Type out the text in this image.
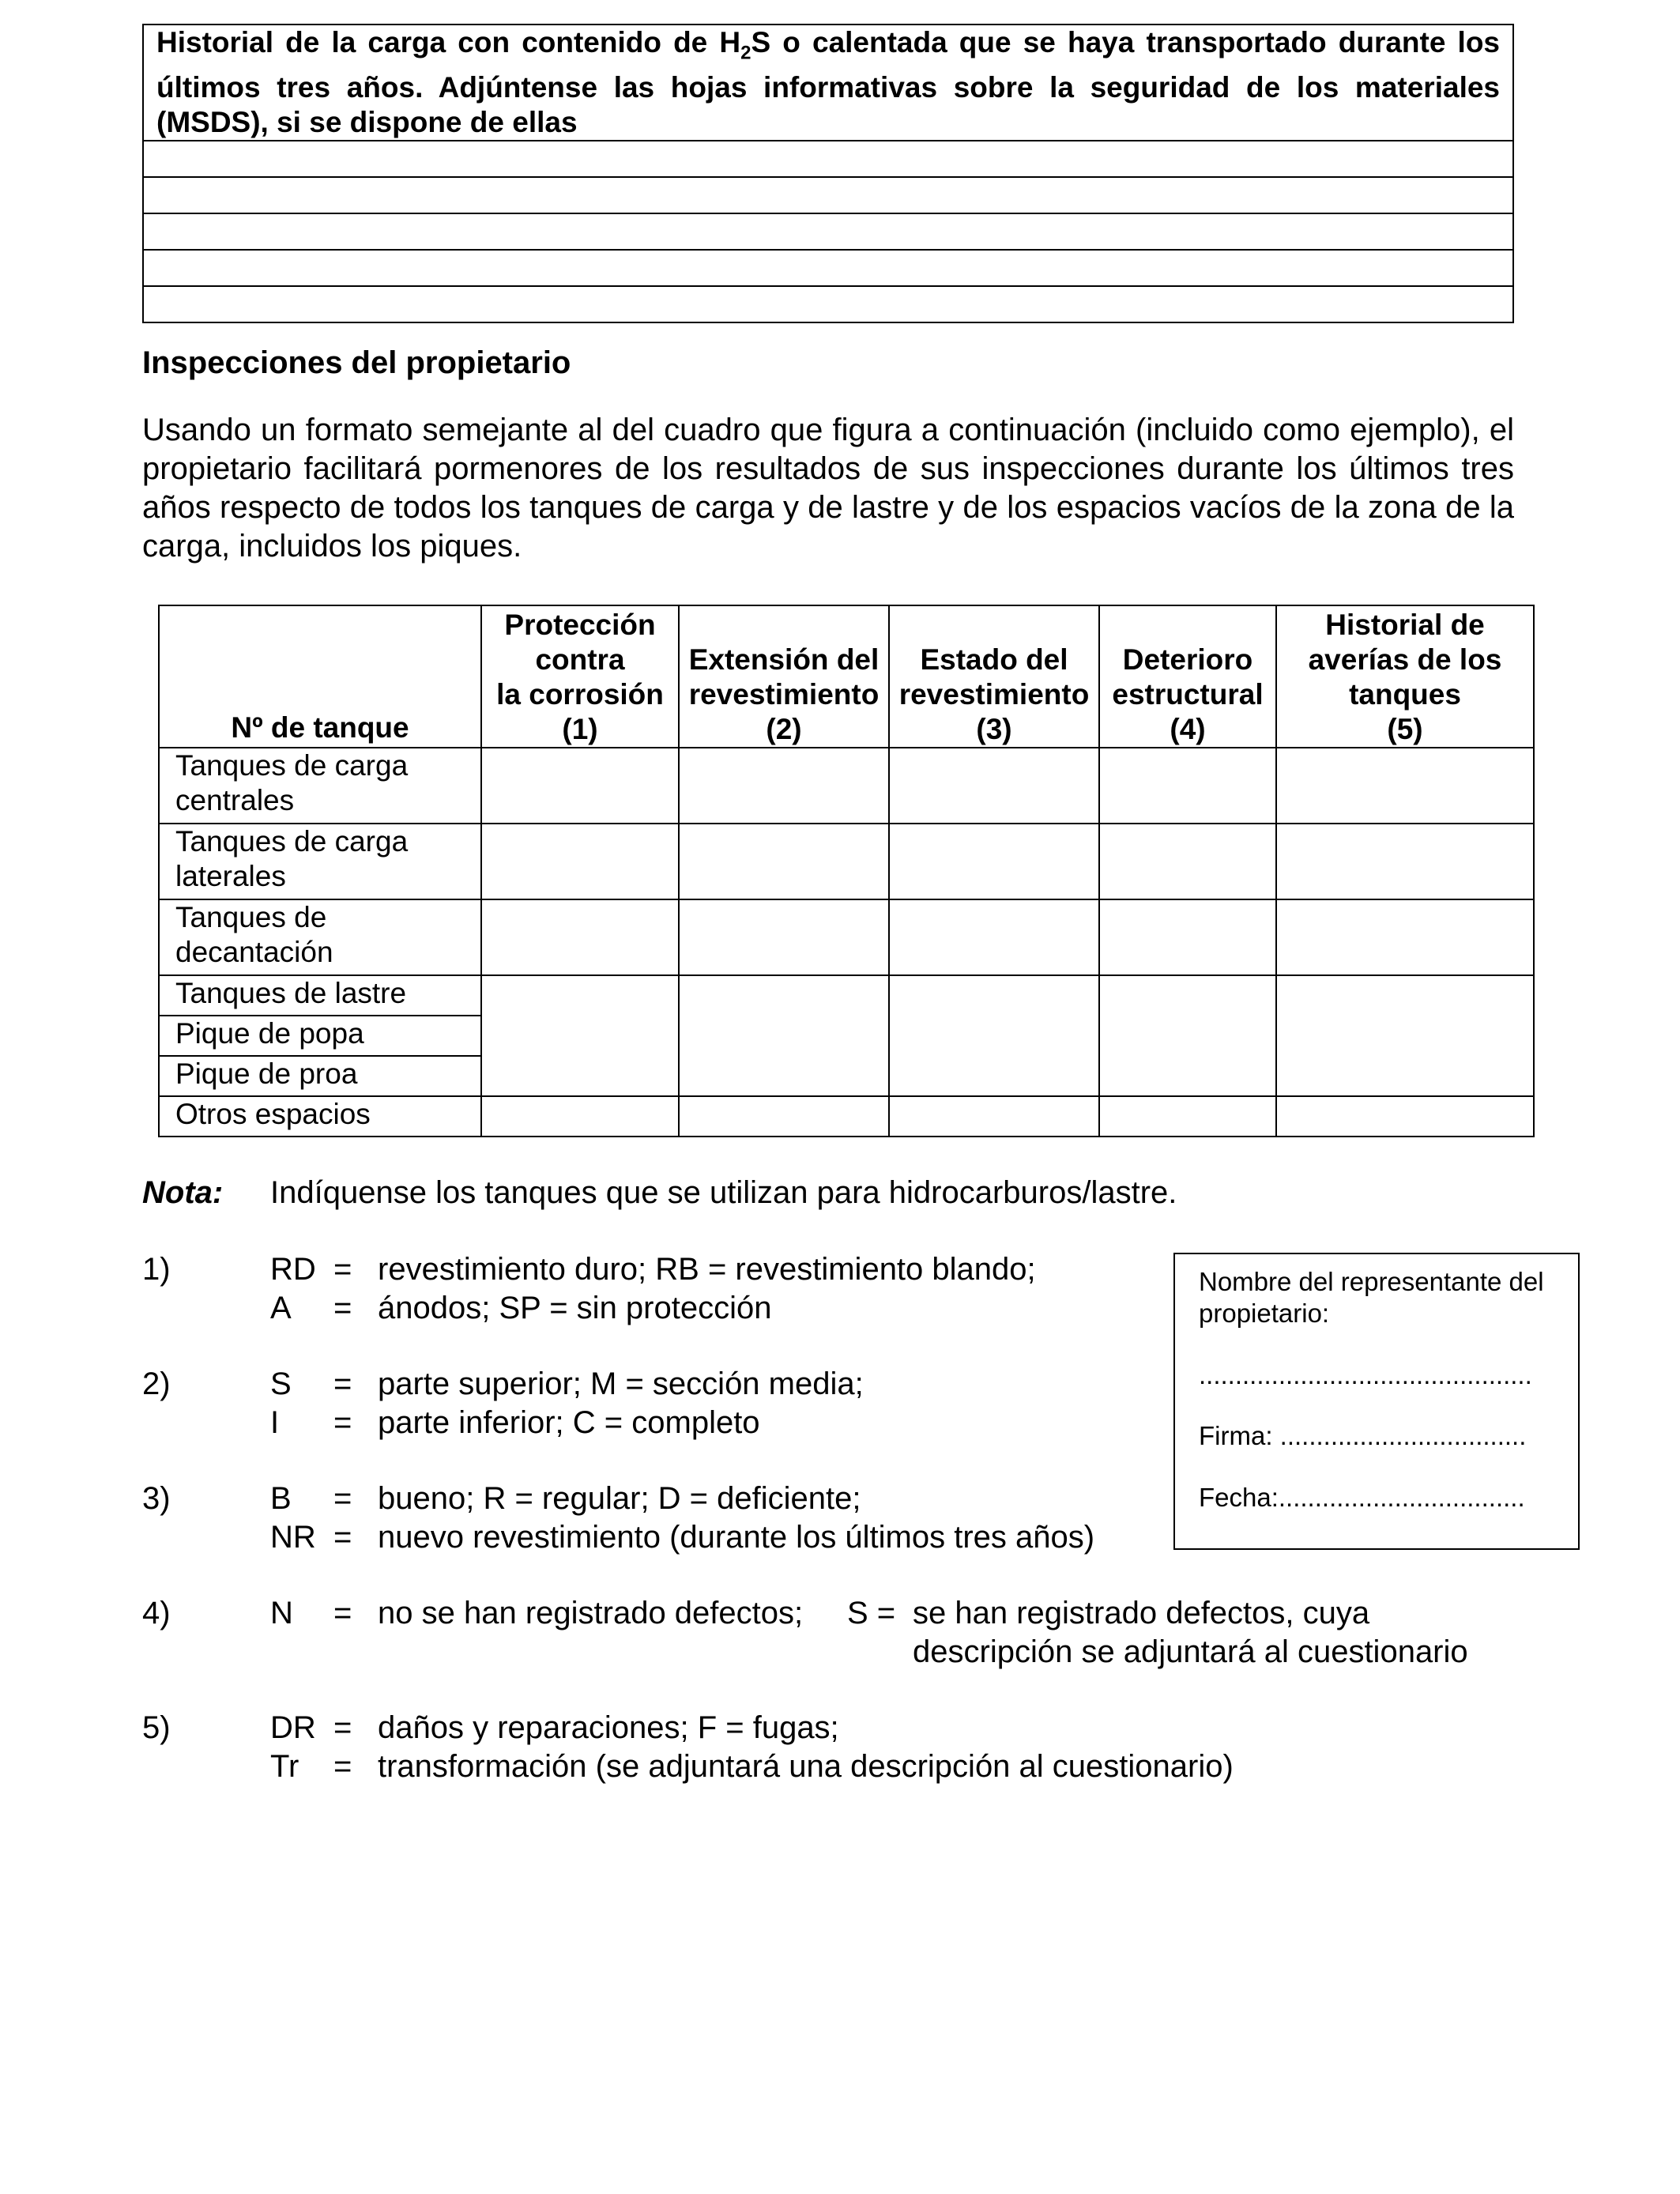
Historial de la carga con contenido de $H_2S$ o calentada que se haya transportado durante los últimos tres años. Adjúntense las hojas informativas sobre la seguridad de los materiales (MSDS), si se dispone de ellas

Inspecciones del propietario
Usando un formato semejante al del cuadro que figura a continuación (incluido como ejemplo), el propietario facilitará pormenores de los resultados de sus inspecciones durante los últimos tres años respecto de todos los tanques de carga y de lastre y de los espacios vacíos de la zona de la carga, incluidos los piques.
Nº de tanque	Protección
contra
la corrosión
(1)	Extensión del
revestimiento
(2)	Estado del
revestimiento
(3)	Deterioro
estructural
(4)	Historial de
averías de los
tanques
(5)
Tanques de carga
centrales					
Tanques de carga
laterales					
Tanques de
decantación					
Tanques de lastre					
Pique de popa					
Pique de proa					
Otros espacios					
Nota: Indíquense los tanques que se utilizan para hidrocarburos/lastre.
1)	RD = revestimiento duro; RB = revestimiento blando;
A = ánodos; SP = sin protección
2)	S = parte superior; M = sección media;
I = parte inferior; C = completo
3)	B = bueno; R = regular; D = deficiente;
NR = nuevo revestimiento (durante los últimos tres años)
4)	N = no se han registrado defectos; S = se han registrado defectos, cuya
descripción se adjuntará al cuestionario
5)	DR = daños y reparaciones; F = fugas;
Tr = transformación (se adjuntará una descripción al cuestionario)
Nombre del representante del
propietario:
..............................................
Firma: ..................................
Fecha:..................................
